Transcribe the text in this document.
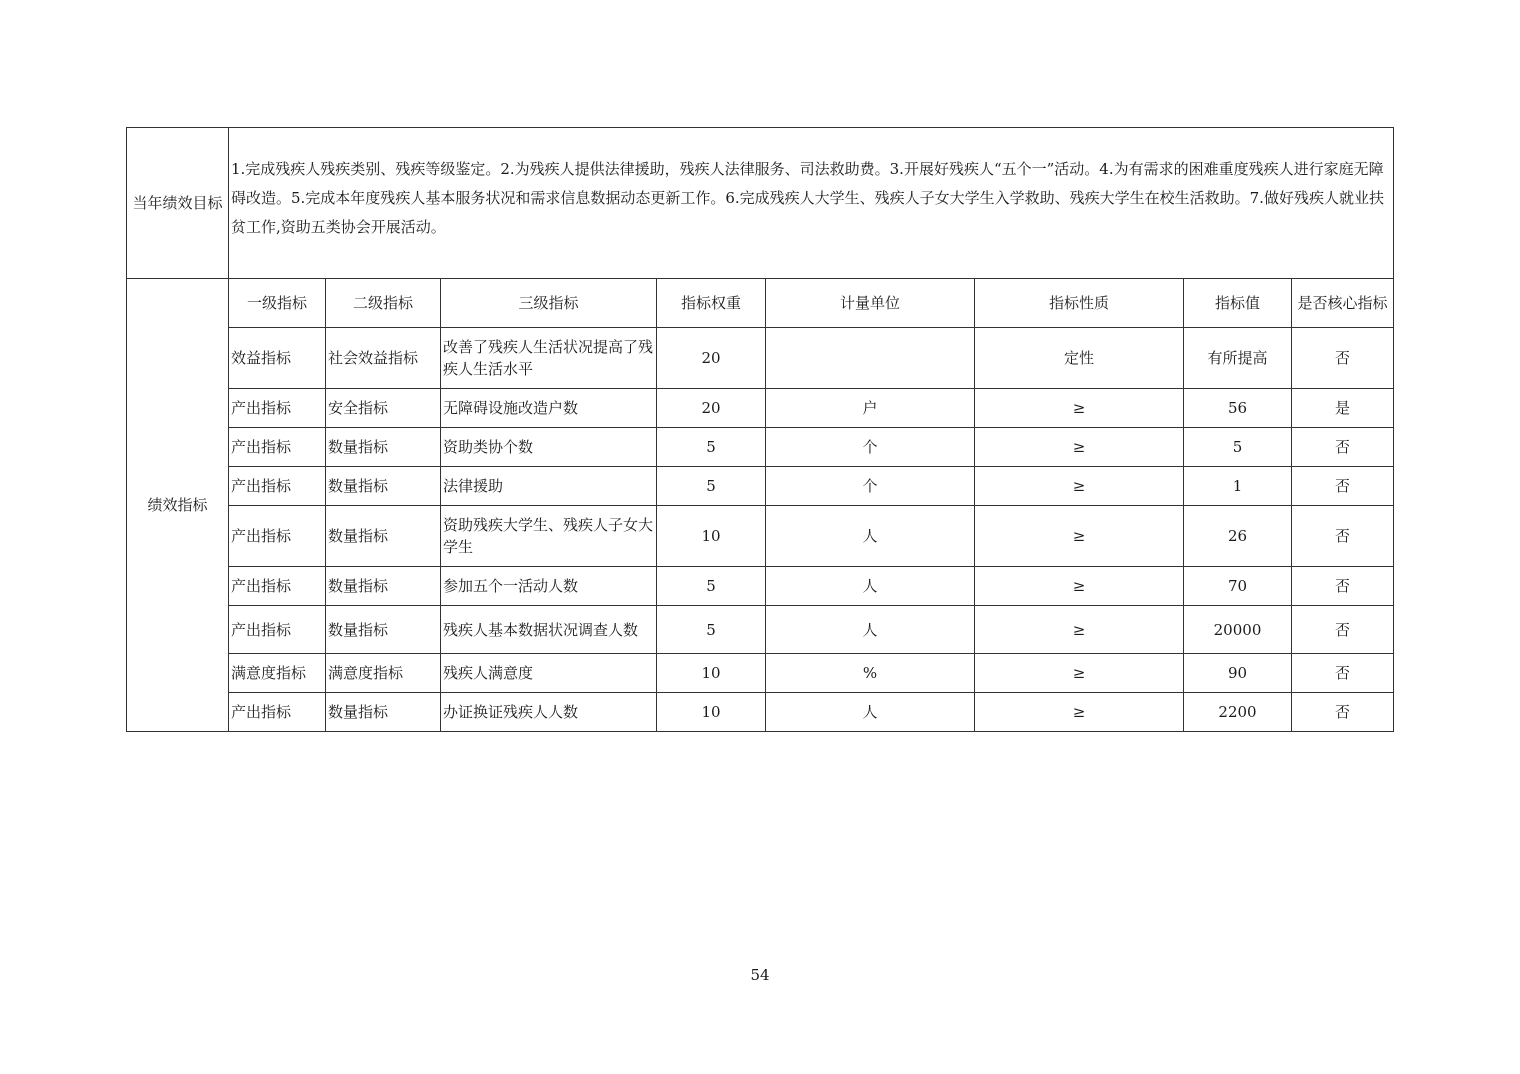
当年绩效目标	1.完成残疾人残疾类别、残疾等级鉴定。2.为残疾人提供法律援助，残疾人法律服务、司法救助费。3.开展好残疾人“五个一”活动。4.为有需求的困难重度残疾人进行家庭无障碍改造。5.完成本年度残疾人基本服务状况和需求信息数据动态更新工作。6.完成残疾人大学生、残疾人子女大学生入学救助、残疾大学生在校生活救助。7.做好残疾人就业扶贫工作,资助五类协会开展活动。							
绩效指标	一级指标	二级指标	三级指标	指标权重	计量单位	指标性质	指标值	是否核心指标
	效益指标	社会效益指标	改善了残疾人生活状况提高了残疾人生活水平	20		定性	有所提高	否
	产出指标	安全指标	无障碍设施改造户数	20	户	≥	56	是
	产出指标	数量指标	资助类协个数	5	个	≥	5	否
	产出指标	数量指标	法律援助	5	个	≥	1	否
	产出指标	数量指标	资助残疾大学生、残疾人子女大学生	10	人	≥	26	否
	产出指标	数量指标	参加五个一活动人数	5	人	≥	70	否
	产出指标	数量指标	残疾人基本数据状况调查人数	5	人	≥	20000	否
	满意度指标	满意度指标	残疾人满意度	10	%	≥	90	否
	产出指标	数量指标	办证换证残疾人人数	10	人	≥	2200	否
54
